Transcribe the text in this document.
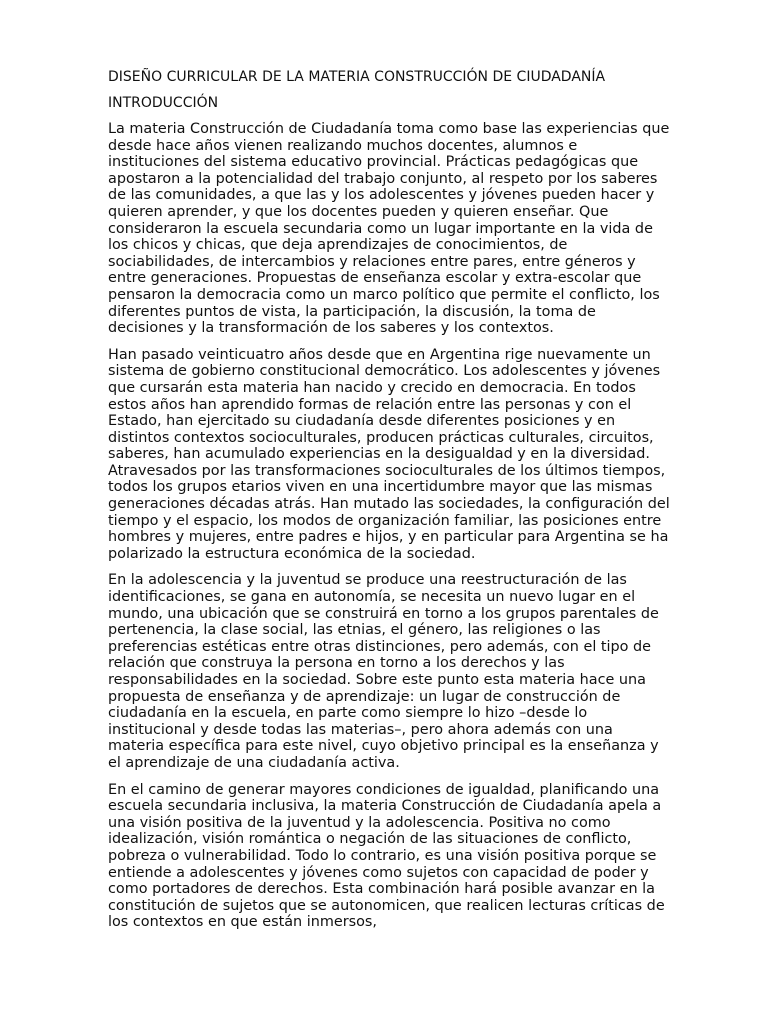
DISEÑO CURRICULAR DE LA MATERIA CONSTRUCCIÓN DE CIUDADANÍA
INTRODUCCIÓN

La materia Construcción de Ciudadanía toma como base las experiencias que desde hace años vienen realizando muchos docentes, alumnos e instituciones del sistema educativo provincial. Prácticas pedagógicas que apostaron a la potencialidad del trabajo conjunto, al respeto por los saberes de las comunidades, a que las y los adolescentes y jóvenes pueden hacer y quieren aprender, y que los docentes pueden y quieren enseñar. Que consideraron la escuela secundaria como un lugar importante en la vida de los chicos y chicas, que deja aprendizajes de conocimientos, de sociabilidades, de intercambios y relaciones entre pares, entre géneros y entre generaciones. Propuestas de enseñanza escolar y extra-escolar que pensaron la democracia como un marco político que permite el conflicto, los diferentes puntos de vista, la participación, la discusión, la toma de decisiones y la transformación de los saberes y los contextos.

Han pasado veinticuatro años desde que en Argentina rige nuevamente un sistema de gobierno constitucional democrático. Los adolescentes y jóvenes que cursarán esta materia han nacido y crecido en democracia. En todos estos años han aprendido formas de relación entre las personas y con el Estado, han ejercitado su ciudadanía desde diferentes posiciones y en distintos contextos socioculturales, producen prácticas culturales, circuitos, saberes, han acumulado experiencias en la desigualdad y en la diversidad. Atravesados por las transformaciones socioculturales de los últimos tiempos, todos los grupos etarios viven en una incertidumbre mayor que las mismas generaciones décadas atrás. Han mutado las sociedades, la configuración del tiempo y el espacio, los modos de organización familiar, las posiciones entre hombres y mujeres, entre padres e hijos, y en particular para Argentina se ha polarizado la estructura económica de la sociedad.

En la adolescencia y la juventud se produce una reestructuración de las identificaciones, se gana en autonomía, se necesita un nuevo lugar en el mundo, una ubicación que se construirá en torno a los grupos parentales de pertenencia, la clase social, las etnias, el género, las religiones o las preferencias estéticas entre otras distinciones, pero además, con el tipo de relación que construya la persona en torno a los derechos y las responsabilidades en la sociedad. Sobre este punto esta materia hace una propuesta de enseñanza y de aprendizaje: un lugar de construcción de ciudadanía en la escuela, en parte como siempre lo hizo –desde lo institucional y desde todas las materias–, pero ahora además con una materia específica para este nivel, cuyo objetivo principal es la enseñanza y el aprendizaje de una ciudadanía activa.

En el camino de generar mayores condiciones de igualdad, planificando una escuela secundaria inclusiva, la materia Construcción de Ciudadanía apela a una visión positiva de la juventud y la adolescencia. Positiva no como idealización, visión romántica o negación de las situaciones de conflicto, pobreza o vulnerabilidad. Todo lo contrario, es una visión positiva porque se entiende a adolescentes y jóvenes como sujetos con capacidad de poder y como portadores de derechos. Esta combinación hará posible avanzar en la constitución de sujetos que se autonomicen, que realicen lecturas críticas de los contextos en que están inmersos,
